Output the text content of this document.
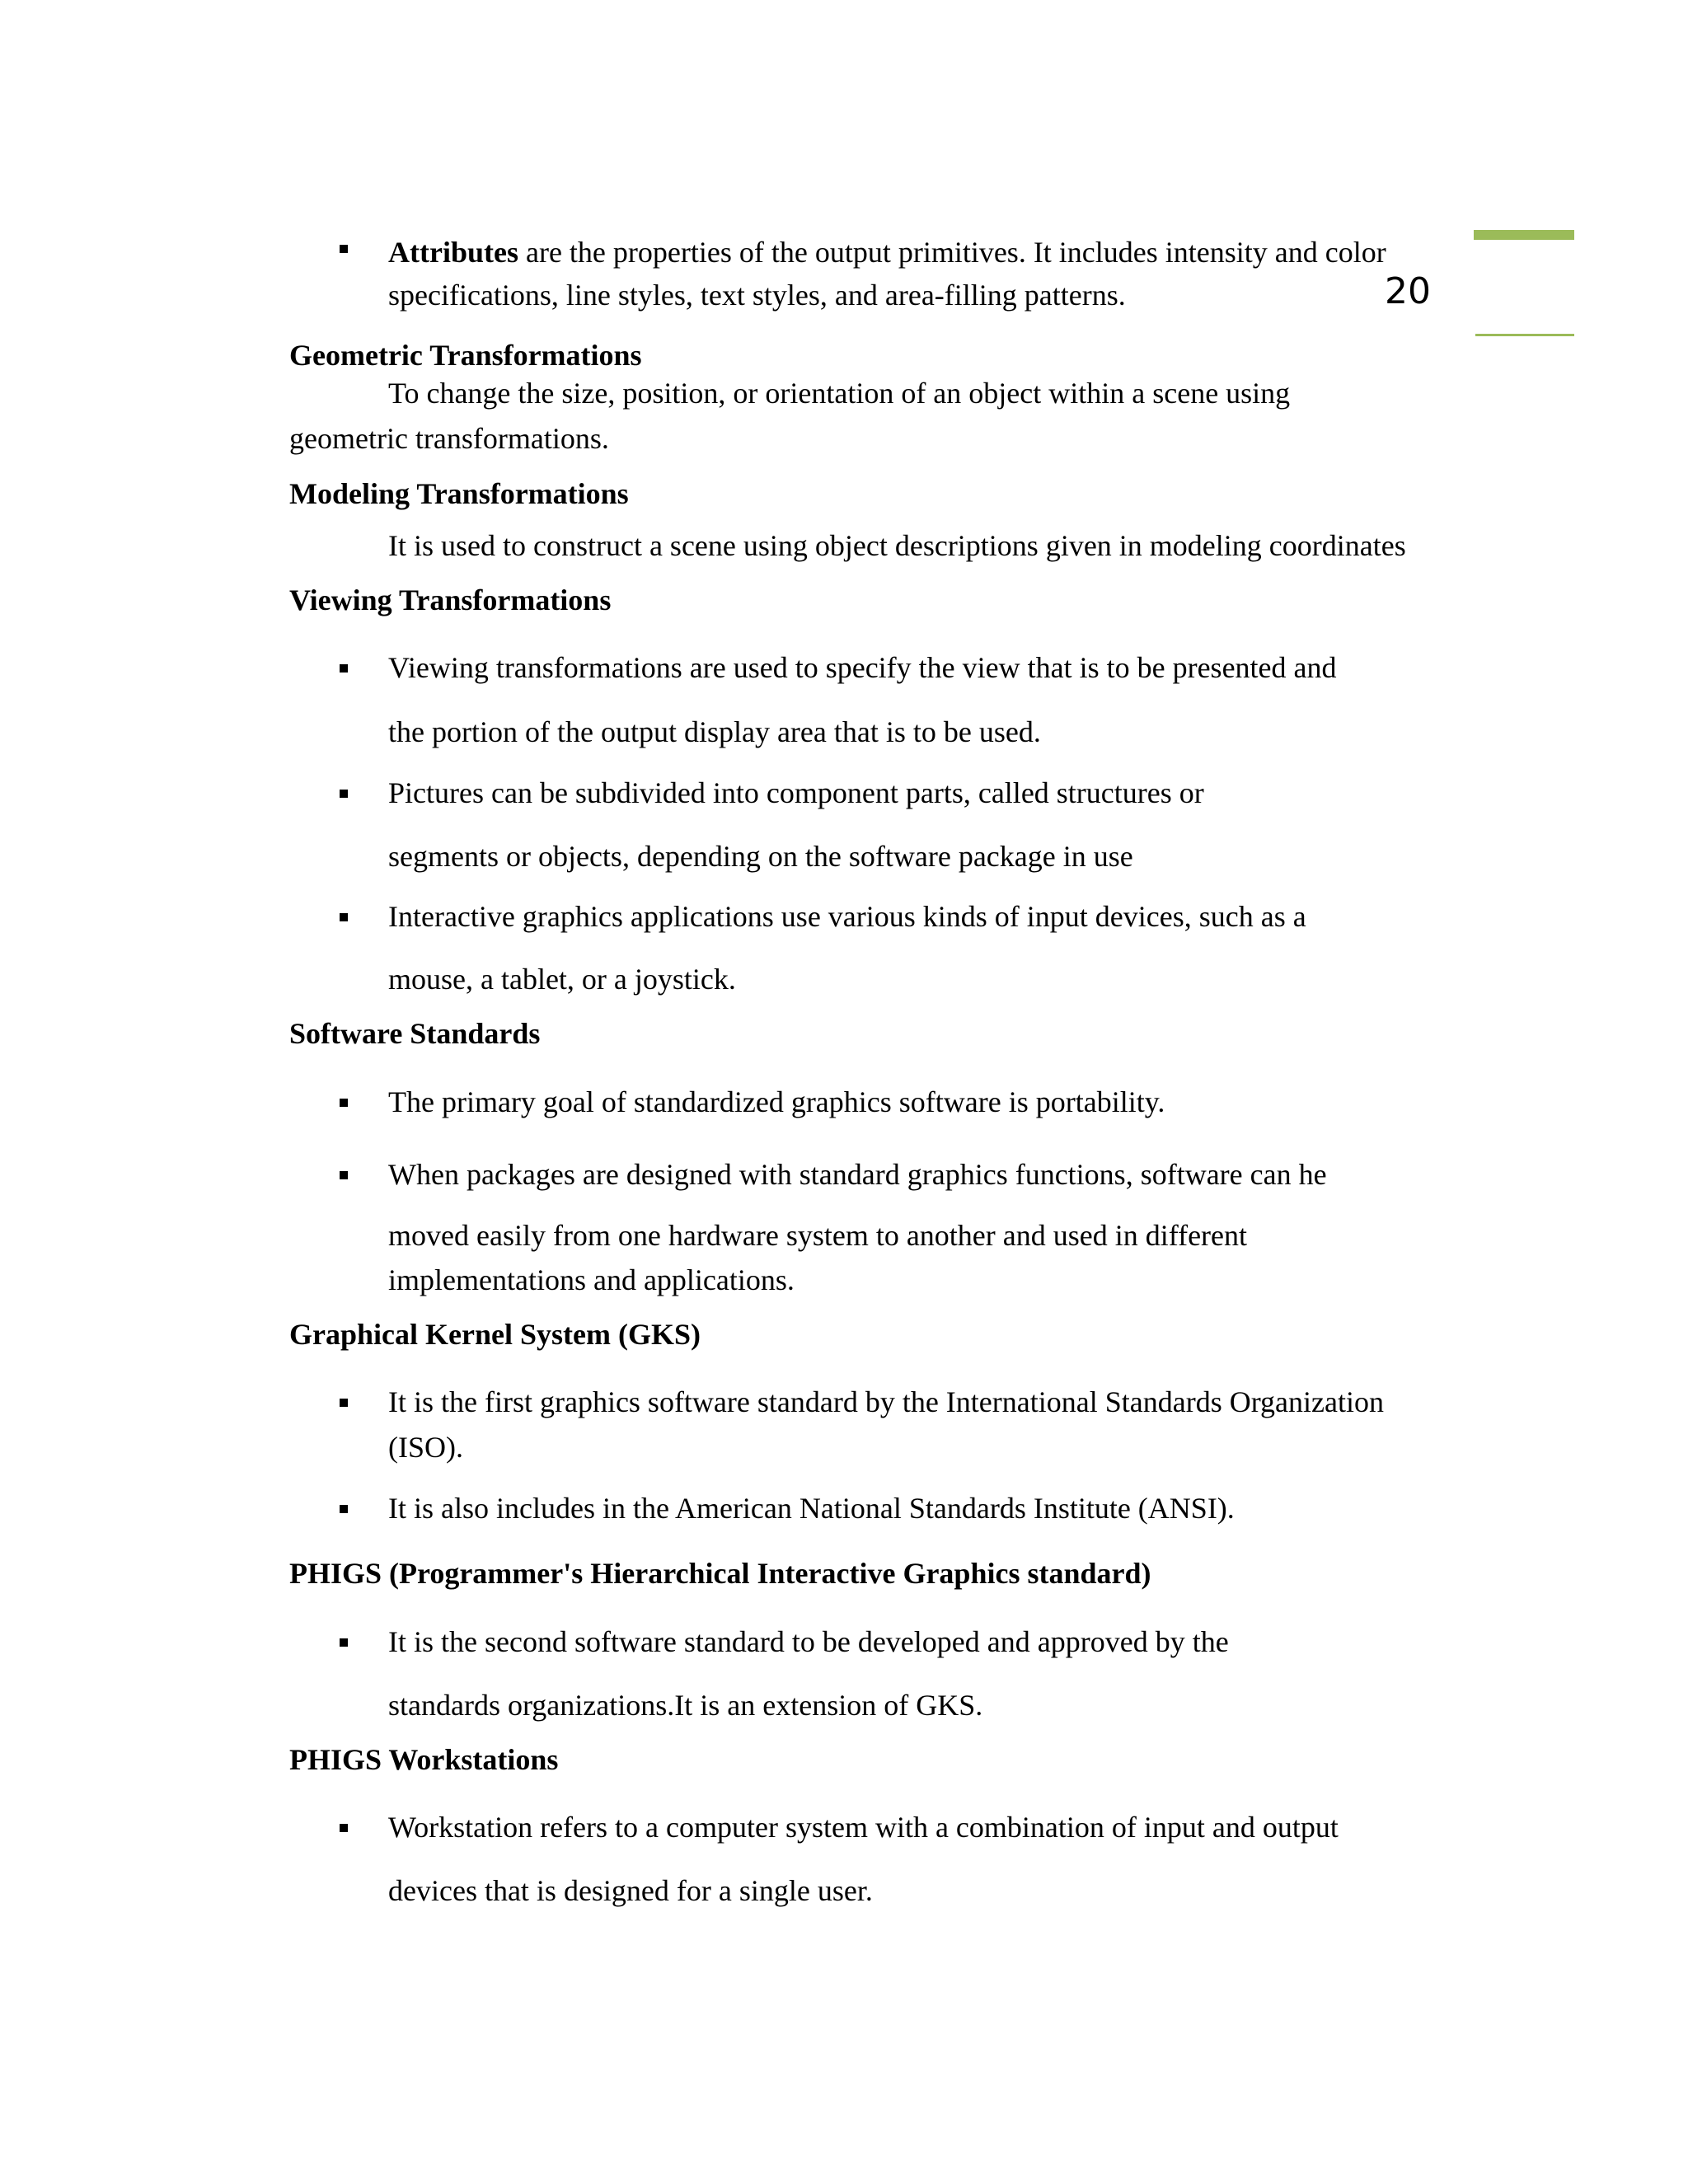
20
Attributes are the properties of the output primitives. It includes intensity and color
specifications, line styles, text styles, and area-filling patterns.
Geometric Transformations
To change the size, position, or orientation of an object within a scene using
geometric transformations.
Modeling Transformations
It is used to construct a scene using object descriptions given in modeling coordinates
Viewing Transformations
Viewing transformations are used to specify the view that is to be presented and
the portion of the output display area that is to be used.
Pictures can be subdivided into component parts, called structures or
segments or objects, depending on the software package in use
Interactive graphics applications use various kinds of input devices, such as a
mouse, a tablet, or a joystick.
Software Standards
The primary goal of standardized graphics software is portability.
When packages are designed with standard graphics functions, software can he
moved easily from one hardware system to another and used in different
implementations and applications.
Graphical Kernel System (GKS)
It is the first graphics software standard by the International Standards Organization
(ISO).
It is also includes in the American National Standards Institute (ANSI).
PHIGS (Programmer's Hierarchical Interactive Graphics standard)
It is the second software standard to be developed and approved by the
standards organizations.It is an extension of GKS.
PHIGS Workstations
Workstation refers to a computer system with a combination of input and output
devices that is designed for a single user.
